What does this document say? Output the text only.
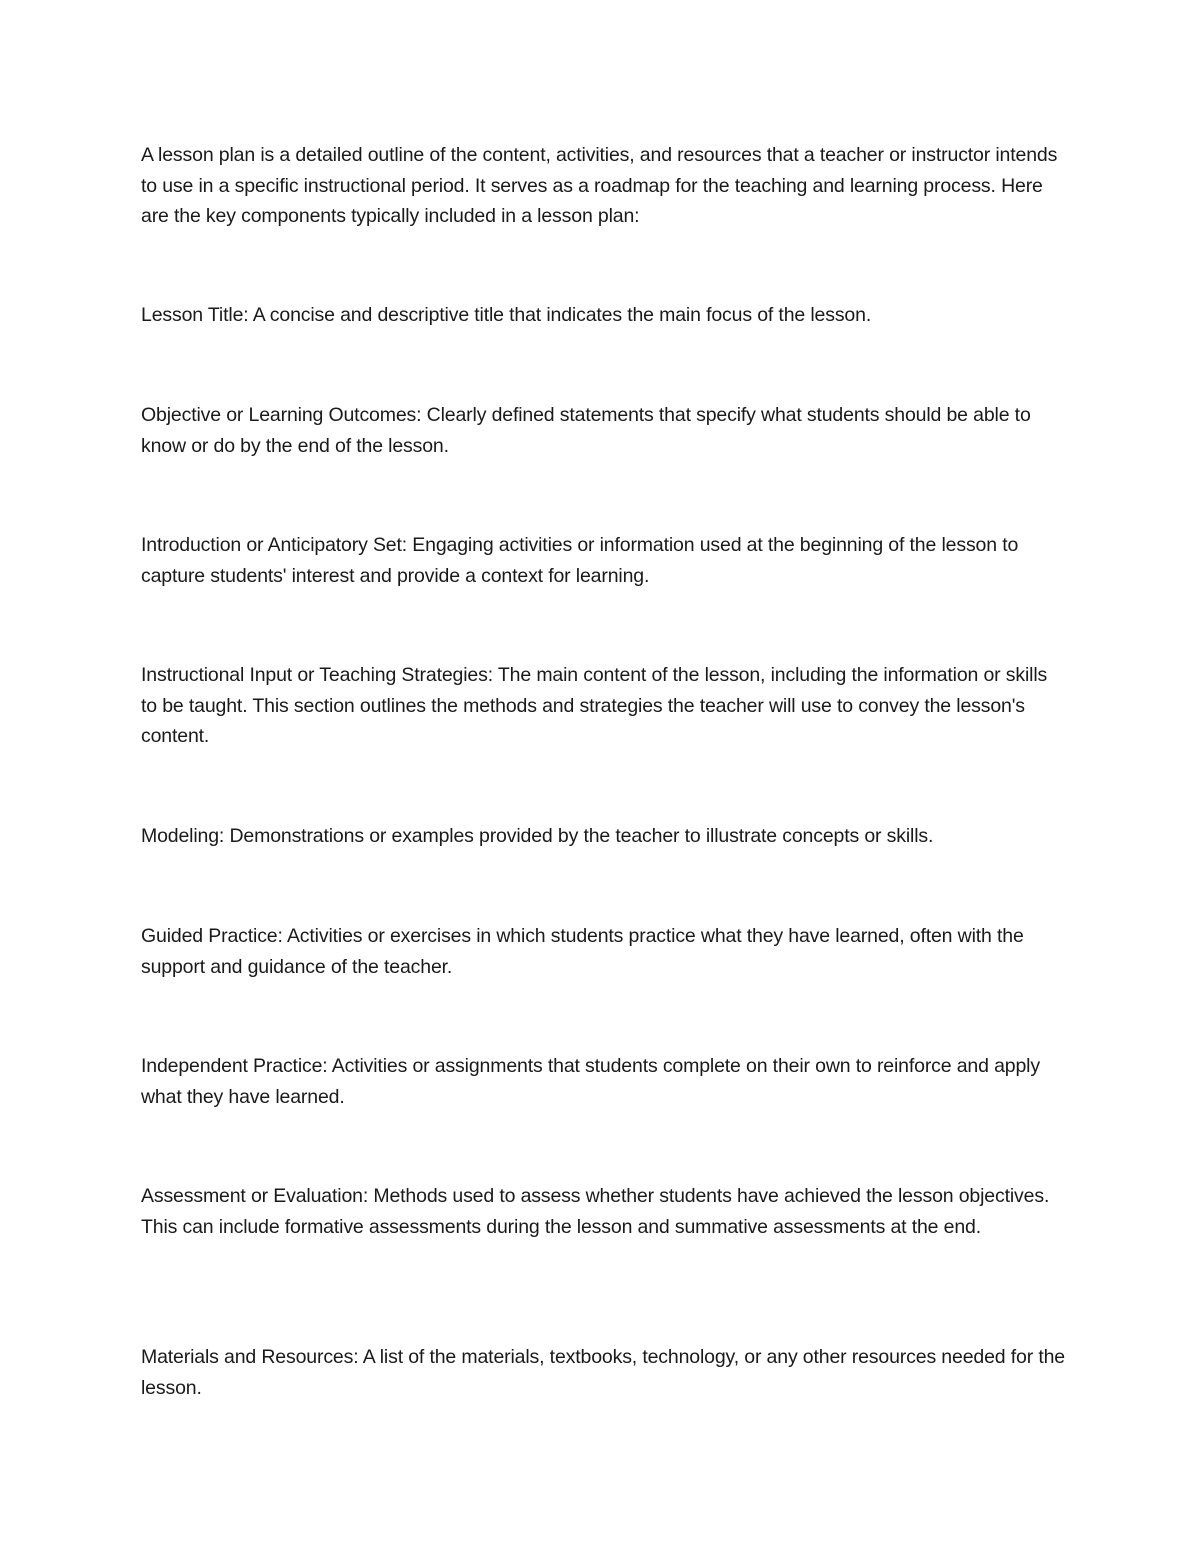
A lesson plan is a detailed outline of the content, activities, and resources that a teacher or instructor intends to use in a specific instructional period. It serves as a roadmap for the teaching and learning process. Here are the key components typically included in a lesson plan:

Lesson Title: A concise and descriptive title that indicates the main focus of the lesson.

Objective or Learning Outcomes: Clearly defined statements that specify what students should be able to know or do by the end of the lesson.

Introduction or Anticipatory Set: Engaging activities or information used at the beginning of the lesson to capture students' interest and provide a context for learning.

Instructional Input or Teaching Strategies: The main content of the lesson, including the information or skills to be taught. This section outlines the methods and strategies the teacher will use to convey the lesson's content.

Modeling: Demonstrations or examples provided by the teacher to illustrate concepts or skills.

Guided Practice: Activities or exercises in which students practice what they have learned, often with the support and guidance of the teacher.

Independent Practice: Activities or assignments that students complete on their own to reinforce and apply what they have learned.

Assessment or Evaluation: Methods used to assess whether students have achieved the lesson objectives. This can include formative assessments during the lesson and summative assessments at the end.

Materials and Resources: A list of the materials, textbooks, technology, or any other resources needed for the lesson.
